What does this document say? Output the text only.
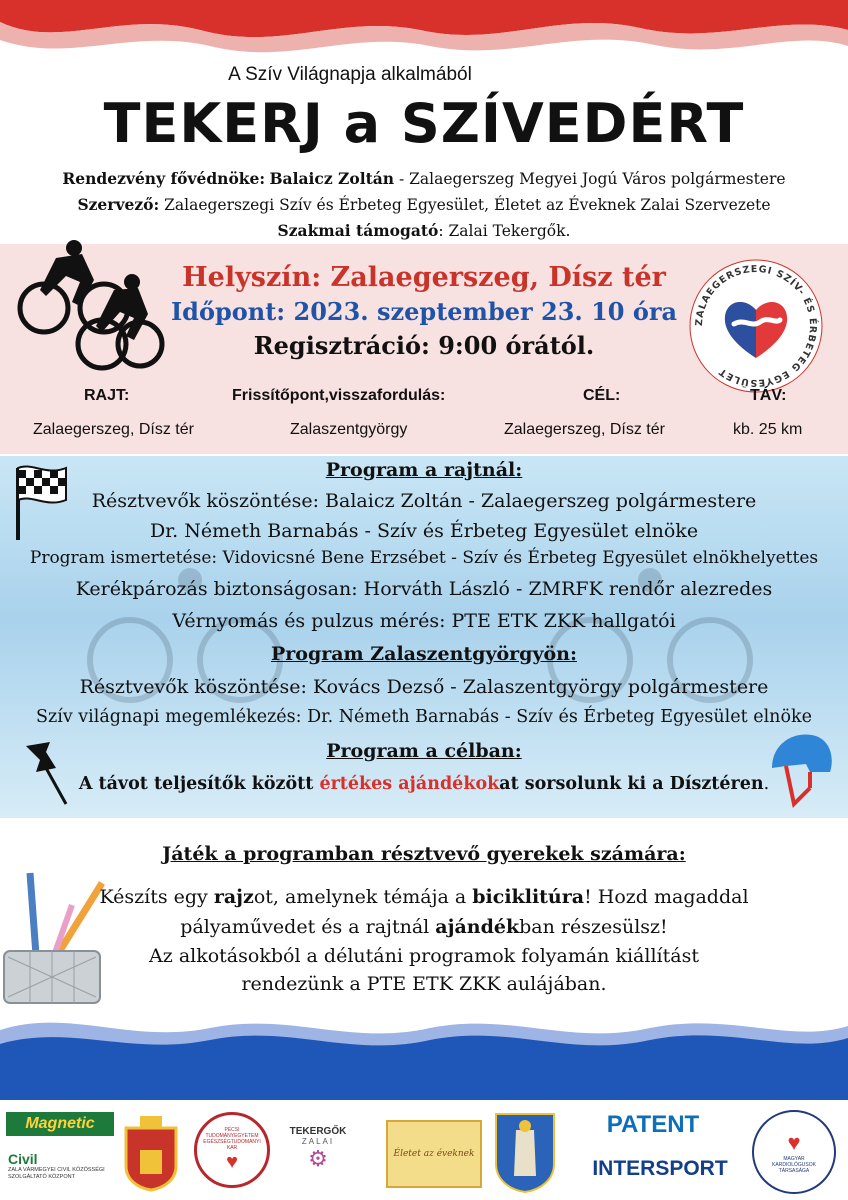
A Szív Világnapja alkalmából
TEKERJ a SZÍVEDÉRT
Rendezvény fővédnöke: Balaicz Zoltán - Zalaegerszeg Megyei Jogú Város polgármestere
Szervező: Zalaegerszegi Szív és Érbeteg Egyesület, Életet az Éveknek Zalai Szervezete
Szakmai támogató: Zalai Tekergők.
Helyszín: Zalaegerszeg, Dísz tér
Időpont: 2023. szeptember 23. 10 óra
Regisztráció: 9:00 órától.
ZALAEGERSZEGI SZÍV- ÉS ÉRBETEG EGYESÜLET
RAJT:	Frissítőpont,visszafordulás:	CÉL:	TÁV:
Zalaegerszeg, Dísz tér	Zalaszentgyörgy	Zalaegerszeg, Dísz tér	kb. 25 km
Program a rajtnál:
Résztvevők köszöntése: Balaicz Zoltán - Zalaegerszeg polgármestere
Dr. Németh Barnabás - Szív és Érbeteg Egyesület elnöke
Program ismertetése: Vidovicsné Bene Erzsébet - Szív és Érbeteg Egyesület elnökhelyettes
Kerékpározás biztonságosan: Horváth László - ZMRFK rendőr alezredes
Vérnyomás és pulzus mérés: PTE ETK ZKK hallgatói
Program Zalaszentgyörgyön:
Résztvevők köszöntése: Kovács Dezső - Zalaszentgyörgy polgármestere
Szív világnapi megemlékezés: Dr. Németh Barnabás - Szív és Érbeteg Egyesület elnöke
Program a célban:
A távot teljesítők között értékes ajándékokat sorsolunk ki a Dísztéren.
Játék a programban résztvevő gyerekek számára:
Készíts egy rajzot, amelynek témája a biciklitúra! Hozd magaddal
pályaművedet és a rajtnál ajándékban részesülsz!
Az alkotásokból a délutáni programok folyamán kiállítást
rendezünk a PTE ETK ZKK aulájában.
Magnetic
Civil
ZALA VÁRMEGYEI CIVIL KÖZÖSSÉGI SZOLGÁLTATÓ KÖZPONT
PÉCSI TUDOMÁNYEGYETEM EGÉSZSÉGTUDOMÁNYI KAR
♥
TEKERGŐK
ZALAI
⚙	Életet az éveknek
PATENT
INTERSPORT
♥
MAGYAR KARDIOLÓGUSOK TÁRSASÁGA
